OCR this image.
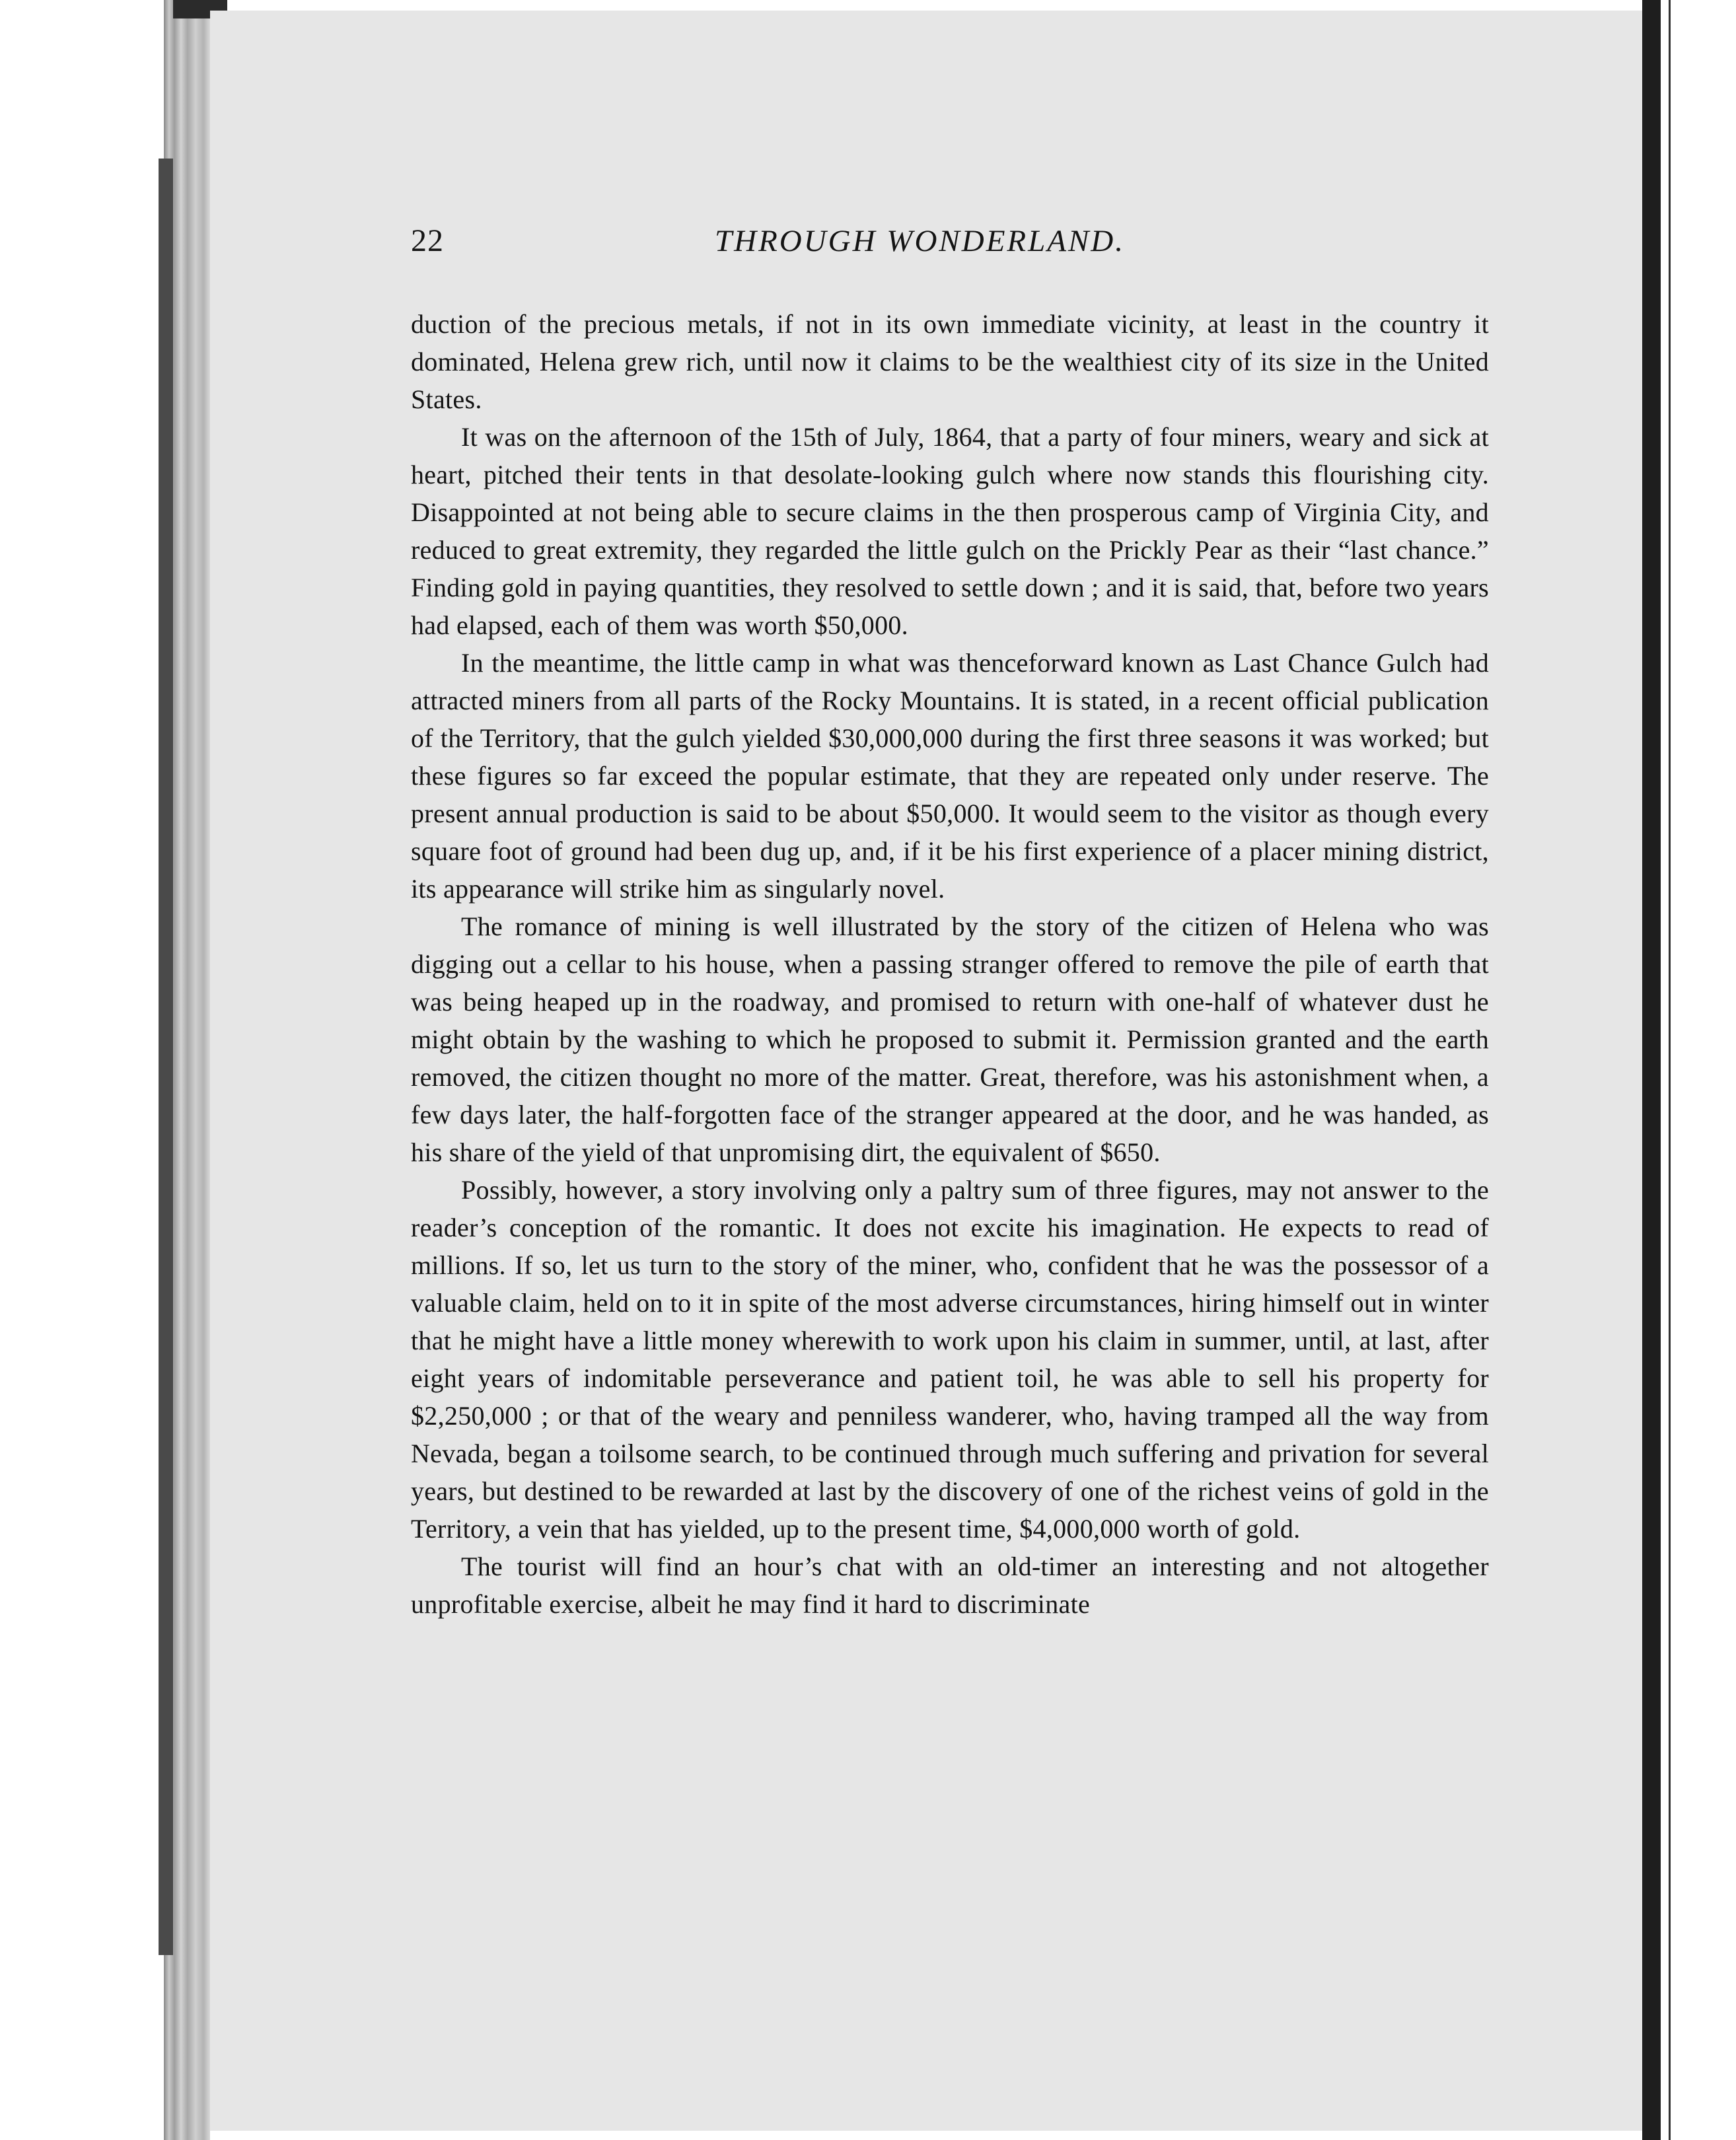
22	THROUGH WONDERLAND.

duction of the precious metals, if not in its own immediate vicinity, at least in the country it dominated, Helena grew rich, until now it claims to be the wealthiest city of its size in the United States.

It was on the afternoon of the 15th of July, 1864, that a party of four miners, weary and sick at heart, pitched their tents in that desolate-looking gulch where now stands this flourishing city. Disappointed at not being able to secure claims in the then prosperous camp of Virginia City, and reduced to great extremity, they regarded the little gulch on the Prickly Pear as their “last chance.” Finding gold in paying quantities, they resolved to settle down ; and it is said, that, before two years had elapsed, each of them was worth $50,000.

In the meantime, the little camp in what was thenceforward known as Last Chance Gulch had attracted miners from all parts of the Rocky Mountains. It is stated, in a recent official publication of the Territory, that the gulch yielded $30,000,000 during the first three seasons it was worked; but these figures so far exceed the popular estimate, that they are repeated only under reserve. The present annual production is said to be about $50,000. It would seem to the visitor as though every square foot of ground had been dug up, and, if it be his first experience of a placer mining district, its appearance will strike him as singularly novel.

The romance of mining is well illustrated by the story of the citizen of Helena who was digging out a cellar to his house, when a passing stranger offered to remove the pile of earth that was being heaped up in the roadway, and promised to return with one-half of whatever dust he might obtain by the washing to which he proposed to submit it. Permission granted and the earth removed, the citizen thought no more of the matter. Great, therefore, was his astonishment when, a few days later, the half-forgotten face of the stranger appeared at the door, and he was handed, as his share of the yield of that unpromising dirt, the equivalent of $650.

Possibly, however, a story involving only a paltry sum of three figures, may not answer to the reader’s conception of the romantic. It does not excite his imagination. He expects to read of millions. If so, let us turn to the story of the miner, who, confident that he was the possessor of a valuable claim, held on to it in spite of the most adverse circumstances, hiring himself out in winter that he might have a little money wherewith to work upon his claim in summer, until, at last, after eight years of indomitable perseverance and patient toil, he was able to sell his property for $2,250,000 ; or that of the weary and penniless wanderer, who, having tramped all the way from Nevada, began a toilsome search, to be continued through much suffering and privation for several years, but destined to be rewarded at last by the discovery of one of the richest veins of gold in the Territory, a vein that has yielded, up to the present time, $4,000,000 worth of gold.

The tourist will find an hour’s chat with an old-timer an interesting and not altogether unprofitable exercise, albeit he may find it hard to discriminate
